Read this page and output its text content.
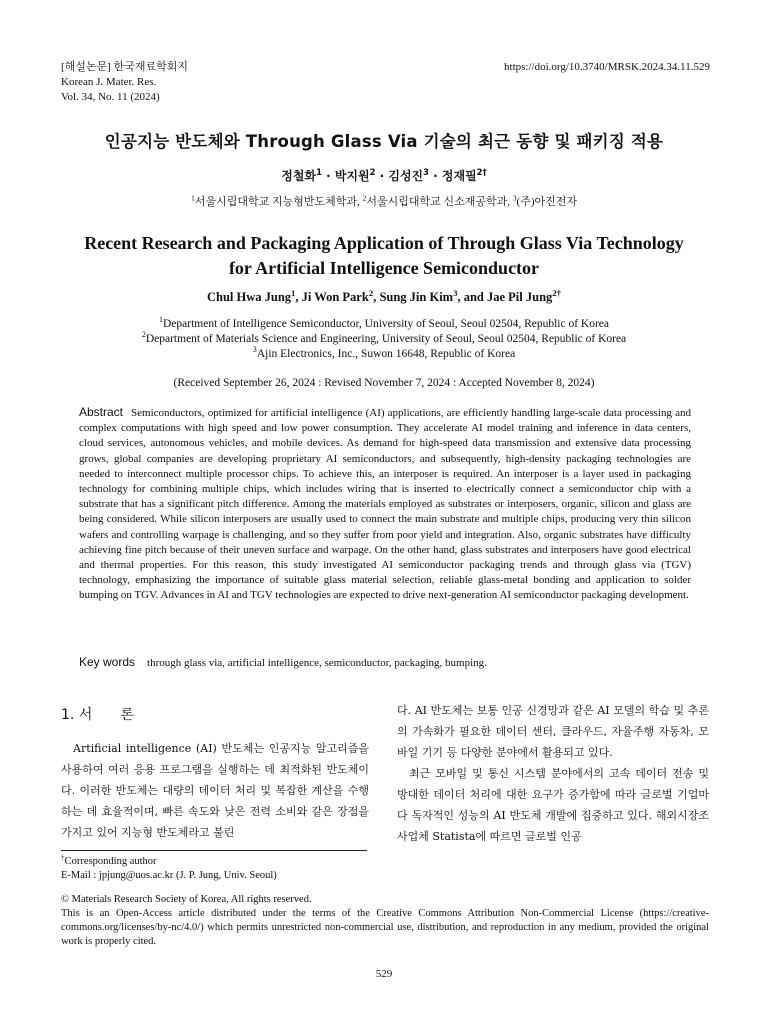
[해설논문] 한국재료학회지
Korean J. Mater. Res.
Vol. 34, No. 11 (2024)
https://doi.org/10.3740/MRSK.2024.34.11.529
인공지능 반도체와 Through Glass Via 기술의 최근 동향 및 패키징 적용
정철화$^1$ · 박지원$^2$ · 김성진$^3$ · 정재필$^{2\dagger}$
$^1$서울시립대학교 지능형반도체학과, $^2$서울시립대학교 신소재공학과, $^3$(주)아진전자
Recent Research and Packaging Application of Through Glass Via Technology
for Artificial Intelligence Semiconductor
Chul Hwa Jung$^1$, Ji Won Park$^2$, Sung Jin Kim$^3$, and Jae Pil Jung$^{2\dagger}$
$^1$Department of Intelligence Semiconductor, University of Seoul, Seoul 02504, Republic of Korea
$^2$Department of Materials Science and Engineering, University of Seoul, Seoul 02504, Republic of Korea
$^3$Ajin Electronics, Inc., Suwon 16648, Republic of Korea
(Received September 26, 2024 : Revised November 7, 2024 : Accepted November 8, 2024)
Abstract Semiconductors, optimized for artificial intelligence (AI) applications, are efficiently handling large-scale data processing and complex computations with high speed and low power consumption. They accelerate AI model training and inference in data centers, cloud services, autonomous vehicles, and mobile devices. As demand for high-speed data transmission and extensive data processing grows, global companies are developing proprietary AI semiconductors, and subsequently, high-density packaging technologies are needed to interconnect multiple processor chips. To achieve this, an interposer is required. An interposer is a layer used in packaging technology for combining multiple chips, which includes wiring that is inserted to electrically connect a semiconductor chip with a substrate that has a significant pitch difference. Among the materials employed as substrates or interposers, organic, silicon and glass are being considered. While silicon interposers are usually used to connect the main substrate and multiple chips, producing very thin silicon wafers and controlling warpage is challenging, and so they suffer from poor yield and integration. Also, organic substrates have difficulty achieving fine pitch because of their uneven surface and warpage. On the other hand, glass substrates and interposers have good electrical and thermal properties. For this reason, this study investigated AI semiconductor packaging trends and through glass via (TGV) technology, emphasizing the importance of suitable glass material selection, reliable glass-metal bonding and application to solder bumping on TGV. Advances in AI and TGV technologies are expected to drive next-generation AI semiconductor packaging development.
Key words through glass via, artificial intelligence, semiconductor, packaging, bumping.
1. 서 론
Artificial intelligence (AI) 반도체는 인공지능 알고리즘을 사용하여 여러 응용 프로그램을 실행하는 데 최적화된 반도체이다. 이러한 반도체는 대량의 데이터 처리 및 복잡한 계산을 수행하는 데 효율적이며, 빠른 속도와 낮은 전력 소비와 같은 장점을 가지고 있어 지능형 반도체라고 불린
다. AI 반도체는 보통 인공 신경망과 같은 AI 모델의 학습 및 추론의 가속화가 필요한 데이터 센터, 클라우드, 자율주행 자동차, 모바일 기기 등 다양한 분야에서 활용되고 있다.
최근 모바일 및 통신 시스템 분야에서의 고속 데이터 전송 및 방대한 데이터 처리에 대한 요구가 증가함에 따라 글로벌 기업마다 독자적인 성능의 AI 반도체 개발에 집중하고 있다. 해외시장조사업체 Statista에 따르면 글로벌 인공
†Corresponding author
E-Mail : jpjung@uos.ac.kr (J. P. Jung, Univ. Seoul)
© Materials Research Society of Korea, All rights reserved.
This is an Open-Access article distributed under the terms of the Creative Commons Attribution Non-Commercial License (https://creative-commons.org/licenses/by-nc/4.0/) which permits unrestricted non-commercial use, distribution, and reproduction in any medium, provided the original work is properly cited.
529
